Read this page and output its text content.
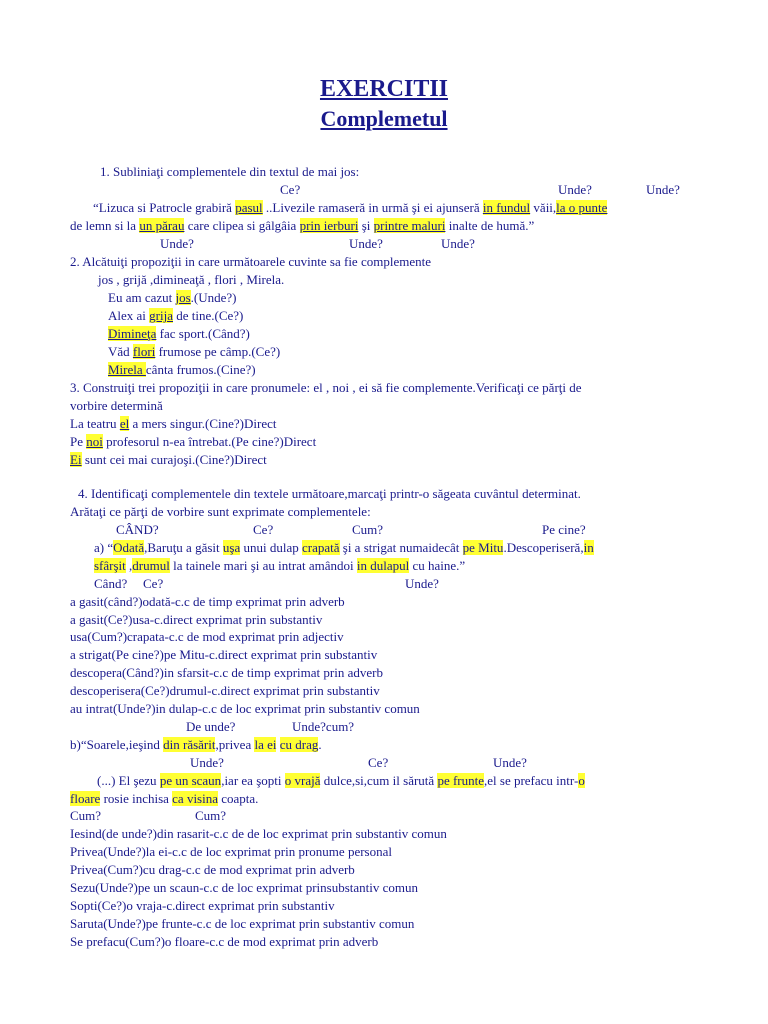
EXERCITII
Complemetul
1. Subliniaţi complementele din textul de mai jos:
Ce?	Unde?	Unde?
“Lizuca si Patrocle grabiră pasul ..Livezile ramaseră in urmă şi ei ajunseră in fundul văii,la o punte
de lemn si la un părau care clipea si gâlgâia prin ierburi şi printre maluri inalte de humă.”
Unde?	Unde?	Unde?
2. Alcătuiţi propoziţii in care următoarele cuvinte sa fie complemente
jos , grijă ,dimineaţă , flori , Mirela.
Eu am cazut jos.(Unde?)
Alex ai grija de tine.(Ce?)
Dimineţa fac sport.(Când?)
Văd flori frumose pe câmp.(Ce?)
Mirela cânta frumos.(Cine?)
3. Construiţi trei propoziţii in care pronumele: el , noi , ei să fie complemente.Verificaţi ce părţi de
vorbire determină
La teatru el a mers singur.(Cine?)Direct
Pe noi profesorul n-ea întrebat.(Pe cine?)Direct
Ei sunt cei mai curajoşi.(Cine?)Direct
4. Identificaţi complementele din textele următoare,marcaţi printr-o săgeata cuvântul determinat.
Arătaţi ce părţi de vorbire sunt exprimate complementele:
CÂND?	Ce?	Cum?	Pe cine?
a) “Odată,Baruţu a găsit uşa unui dulap crapată şi a strigat numaidecât pe Mitu.Descoperiseră,in
sfârşit ,drumul la tainele mari şi au intrat amândoi in dulapul cu haine.”
Când? Ce?	Unde?
a gasit(când?)odată-c.c de timp exprimat prin adverb
a gasit(Ce?)usa-c.direct exprimat prin substantiv
usa(Cum?)crapata-c.c de mod exprimat prin adjectiv
a strigat(Pe cine?)pe Mitu-c.direct exprimat prin substantiv
descopera(Când?)in sfarsit-c.c de timp exprimat prin adverb
descoperisera(Ce?)drumul-c.direct exprimat prin substantiv
au intrat(Unde?)in dulap-c.c de loc exprimat prin substantiv comun
De unde?	Unde?cum?
b)“Soarele,ieşind din răsărit,privea la ei cu drag.
Unde?	Ce?	Unde?
(...) El şezu pe un scaun,iar ea şopti o vrajă dulce,si,cum il sărută pe frunte,el se prefacu intr-o
floare rosie inchisa ca visina coapta.
Cum?	Cum?
Iesind(de unde?)din rasarit-c.c de de loc exprimat prin substantiv comun
Privea(Unde?)la ei-c.c de loc exprimat prin pronume personal
Privea(Cum?)cu drag-c.c de mod exprimat prin adverb
Sezu(Unde?)pe un scaun-c.c de loc exprimat prinsubstantiv comun
Sopti(Ce?)o vraja-c.direct exprimat prin substantiv
Saruta(Unde?)pe frunte-c.c de loc exprimat prin substantiv comun
Se prefacu(Cum?)o floare-c.c de mod exprimat prin adverb
